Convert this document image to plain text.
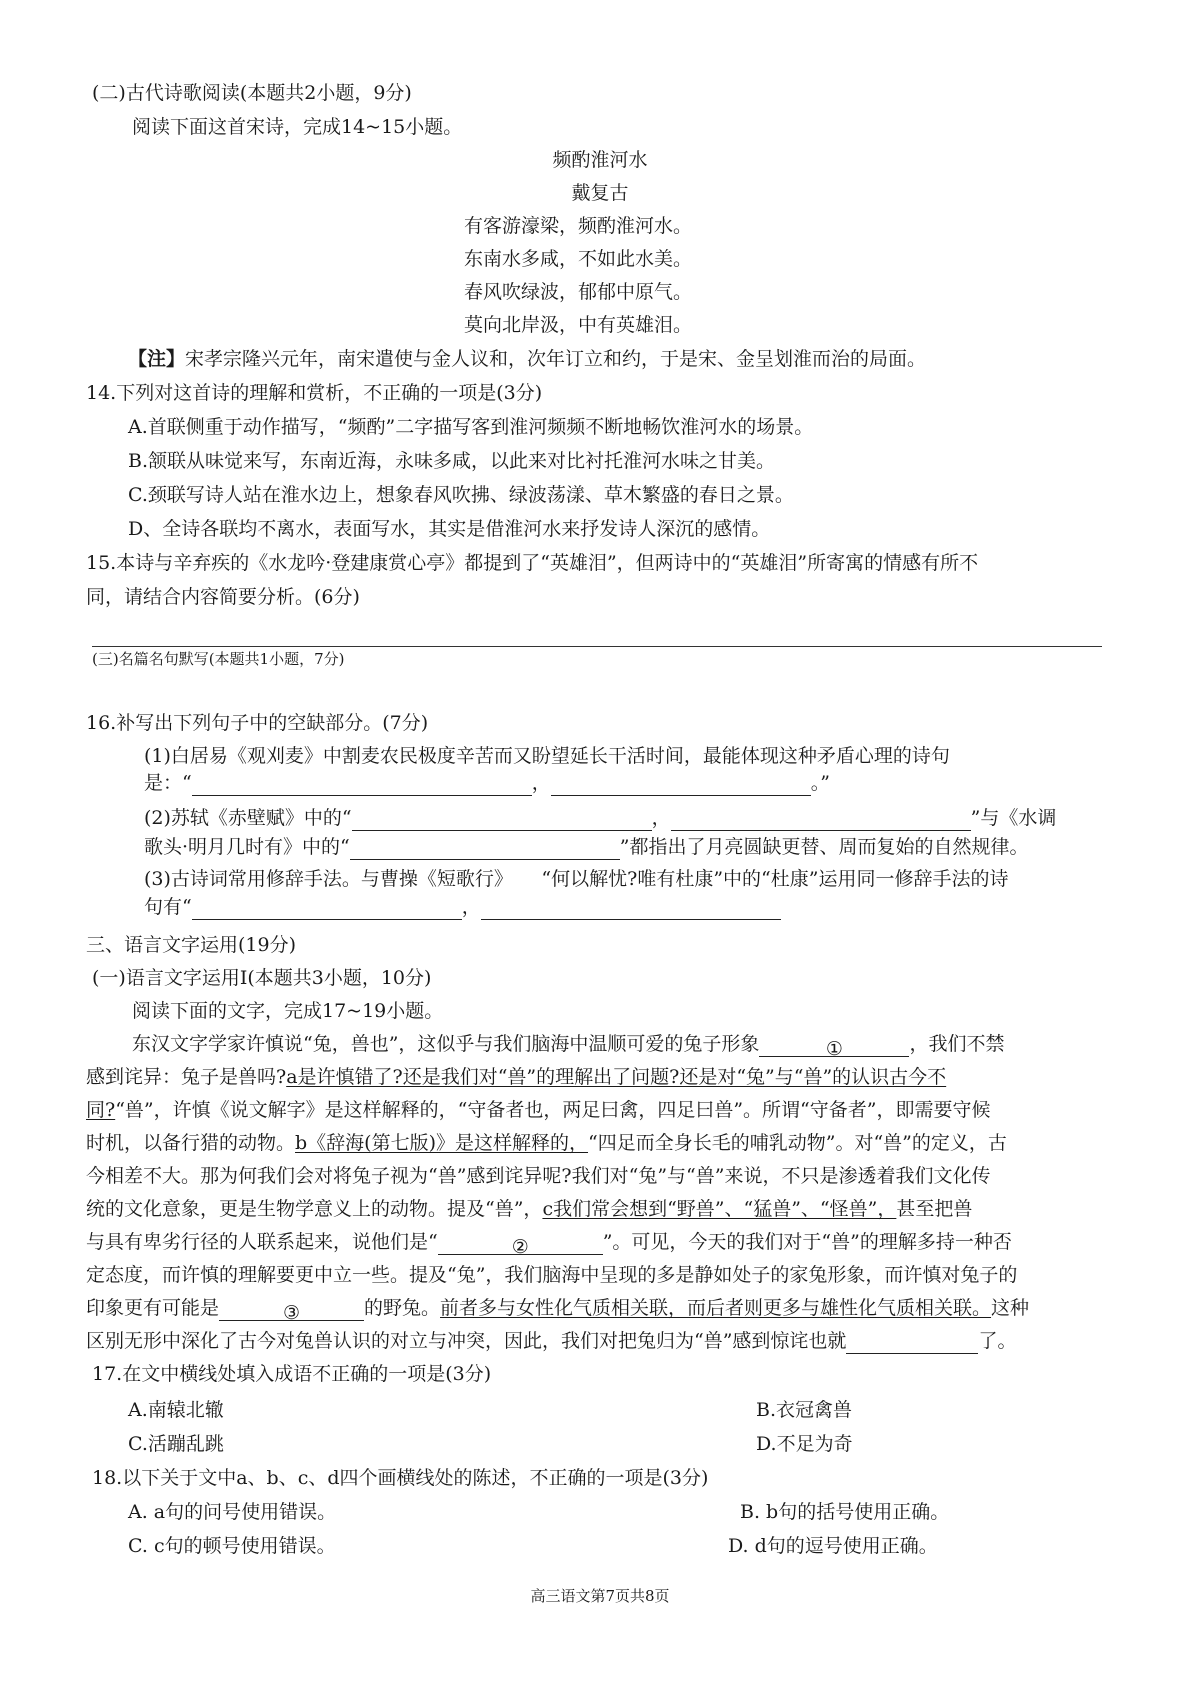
(二)古代诗歌阅读(本题共2小题，9分)
阅读下面这首宋诗，完成14~15小题。
频酌淮河水
戴复古
有客游濠梁，频酌淮河水。
东南水多咸，不如此水美。
春风吹绿波，郁郁中原气。
莫向北岸汲，中有英雄泪。
【注】宋孝宗隆兴元年，南宋遣使与金人议和，次年订立和约，于是宋、金呈划淮而治的局面。
14.下列对这首诗的理解和赏析，不正确的一项是(3分)
A.首联侧重于动作描写，“频酌”二字描写客到淮河频频不断地畅饮淮河水的场景。
B.颔联从味觉来写，东南近海，永味多咸，以此来对比衬托淮河水味之甘美。
C.颈联写诗人站在淮水边上，想象春风吹拂、绿波荡漾、草木繁盛的春日之景。
D、全诗各联均不离水，表面写水，其实是借淮河水来抒发诗人深沉的感情。
15.本诗与辛弃疾的《水龙吟·登建康赏心亭》都提到了“英雄泪”，但两诗中的“英雄泪”所寄寓的情感有所不
同，请结合内容简要分析。(6分)
(三)名篇名句默写(本题共1小题，7分)
16.补写出下列句子中的空缺部分。(7分)
(1)白居易《观刈麦》中割麦农民极度辛苦而又盼望延长干活时间，最能体现这种矛盾心理的诗句
是：“	，	。”
(2)苏轼《赤壁赋》中的“	，	”与《水调
歌头·明月几时有》中的“	”都指出了月亮圆缺更替、周而复始的自然规律。
(3)古诗词常用修辞手法。与曹操《短歌行》　　“何以解忧?唯有杜康”中的“杜康”运用同一修辞手法的诗
句有“	，
三、语言文字运用(19分)
(一)语言文字运用Ⅰ(本题共3小题，10分)
阅读下面的文字，完成17~19小题。
东汉文字学家许慎说“兔，兽也”，这似乎与我们脑海中温顺可爱的兔子形象	①	，我们不禁
感到诧异：兔子是兽吗?a是许慎错了?还是我们对“兽”的理解出了问题?还是对“兔”与“兽”的认识古今不
同?“兽”，许慎《说文解字》是这样解释的，“守备者也，两足曰禽，四足曰兽”。所谓“守备者”，即需要守候
时机，以备行猎的动物。b《辞海(第七版)》是这样解释的，“四足而全身长毛的哺乳动物”。对“兽”的定义，古
今相差不大。那为何我们会对将兔子视为“兽”感到诧异呢?我们对“兔”与“兽”来说，不只是渗透着我们文化传
统的文化意象，更是生物学意义上的动物。提及“兽”，c我们常会想到“野兽”、“猛兽”、“怪兽”，甚至把兽
与具有卑劣行径的人联系起来，说他们是“	②	”。可见，今天的我们对于“兽”的理解多持一种否
定态度，而许慎的理解要更中立一些。提及“兔”，我们脑海中呈现的多是静如处子的家兔形象，而许慎对兔子的
印象更有可能是	③	的野兔。前者多与女性化气质相关联，而后者则更多与雄性化气质相关联。这种
区别无形中深化了古今对兔兽认识的对立与冲突，因此，我们对把兔归为“兽”感到惊诧也就	了。
17.在文中横线处填入成语不正确的一项是(3分)
A.南辕北辙	B.衣冠禽兽
C.活蹦乱跳	D.不足为奇
18.以下关于文中a、b、c、d四个画横线处的陈述，不正确的一项是(3分)
A. a句的问号使用错误。	B. b句的括号使用正确。
C. c句的顿号使用错误。	D. d句的逗号使用正确。
高三语文第7页共8页
